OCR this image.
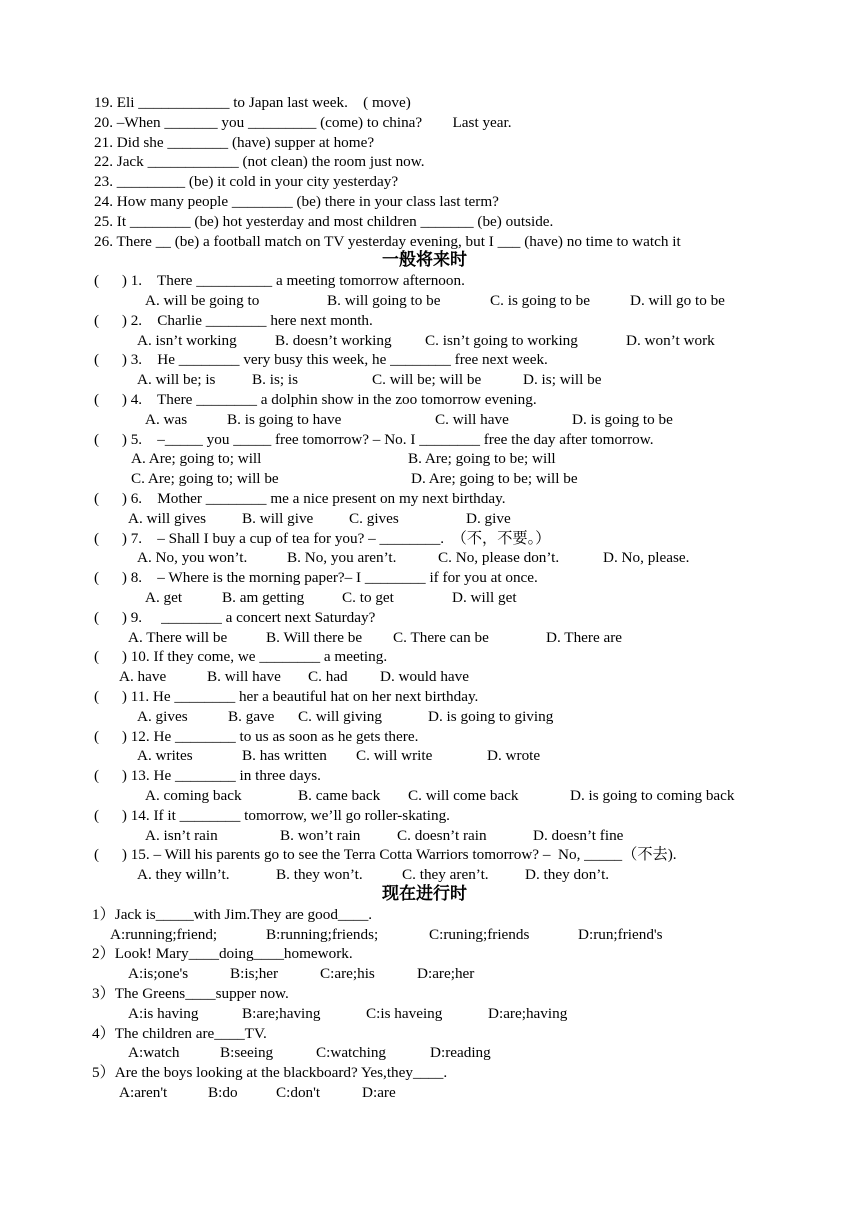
19. Eli ____________ to Japan last week.    ( move)
20. –When _______ you _________ (come) to china?        Last year.
21. Did she ________ (have) supper at home?
22. Jack ____________ (not clean) the room just now.
23. _________ (be) it cold in your city yesterday?
24. How many people ________ (be) there in your class last term?
25. It ________ (be) hot yesterday and most children _______ (be) outside.
26. There __ (be) a football match on TV yesterday evening, but I ___ (have) no time to watch it
一般将来时
(      ) 1.    There __________ a meeting tomorrow afternoon.
A. will be going to	B. will going to be	C. is going to be	D. will go to be
(      ) 2.    Charlie ________ here next month.
A. isn’t working	B. doesn’t working C. isn’t going to working	D. won’t work
(      ) 3.    He ________ very busy this week, he ________ free next week.
A. will be; is B. is; is	C. will be; will be	D. is; will be
(      ) 4.    There ________ a dolphin show in the zoo tomorrow evening.
A. was	B. is going to have	C. will have	D. is going to be
(      ) 5.    –_____ you _____ free tomorrow? – No. I ________ free the day after tomorrow.
A. Are; going to; will	B. Are; going to be; will
C. Are; going to; will be	D. Are; going to be; will be
(      ) 6.    Mother ________ me a nice present on my next birthday.
A. will gives B. will give C. gives	D. give
(      ) 7.    – Shall I buy a cup of tea for you? – ________.  （不，不要。）
A. No, you won’t.	B. No, you aren’t.	C. No, please don’t.	D. No, please.
(      ) 8.    – Where is the morning paper?– I ________ if for you at once.
A. get	B. am getting C. to get	D. will get
(      ) 9.     ________ a concert next Saturday?
A. There will be	B. Will there be C. There can be	D. There are
(      ) 10. If they come, we ________ a meeting.
A. have	B. will have C. had D. would have
(      ) 11. He ________ her a beautiful hat on her next birthday.
A. gives	B. gave C. will giving	D. is going to giving
(      ) 12. He ________ to us as soon as he gets there.
A. writes	B. has written C. will write	D. wrote
(      ) 13. He ________ in three days.
A. coming back	B. came back C. will come back	D. is going to coming back
(      ) 14. If it ________ tomorrow, we’ll go roller-skating.
A. isn’t rain	B. won’t rain C. doesn’t rain	D. doesn’t fine
(      ) 15. – Will his parents go to see the Terra Cotta Warriors tomorrow? –  No, _____（不去).
A. they willn’t.	B. they won’t.	C. they aren’t. D. they don’t.
现在进行时
1）Jack is_____with Jim.They are good____.
A:running;friend;	B:running;friends;	C:runing;friends	D:run;friend's
2）Look! Mary____doing____homework.
A:is;one's	B:is;her	C:are;his	D:are;her
3）The Greens____supper now.
A:is having	B:are;having	C:is haveing	D:are;having
4）The children are____TV.
A:watch	B:seeing	C:watching	D:reading
5）Are the boys looking at the blackboard? Yes,they____.
A:aren't	B:do	C:don't	D:are
